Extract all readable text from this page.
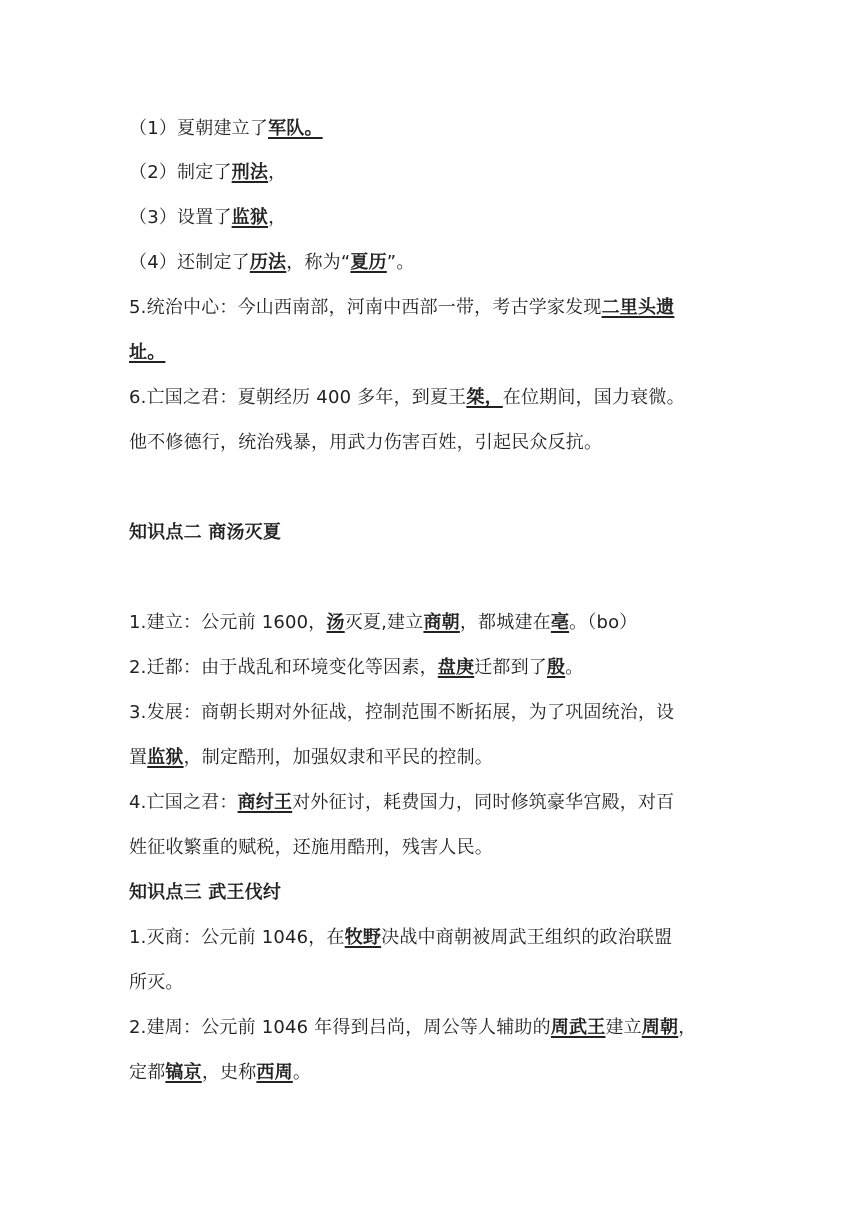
（1）夏朝建立了军队。
（2）制定了刑法，
（3）设置了监狱，
（4）还制定了历法，称为“夏历”。
5.统治中心：今山西南部，河南中西部一带，考古学家发现二里头遗
址。
6.亡国之君：夏朝经历 400 多年，到夏王桀，在位期间，国力衰微。
他不修德行，统治残暴，用武力伤害百姓，引起民众反抗。
知识点二 商汤灭夏
1.建立：公元前 1600，汤灭夏,建立商朝，都城建在亳。（bo）
2.迁都：由于战乱和环境变化等因素，盘庚迁都到了殷。
3.发展：商朝长期对外征战，控制范围不断拓展，为了巩固统治，设
置监狱，制定酷刑，加强奴隶和平民的控制。
4.亡国之君：商纣王对外征讨，耗费国力，同时修筑豪华宫殿，对百
姓征收繁重的赋税，还施用酷刑，残害人民。
知识点三 武王伐纣
1.灭商：公元前 1046，在牧野决战中商朝被周武王组织的政治联盟
所灭。
2.建周：公元前 1046 年得到吕尚，周公等人辅助的周武王建立周朝，
定都镐京，史称西周。
